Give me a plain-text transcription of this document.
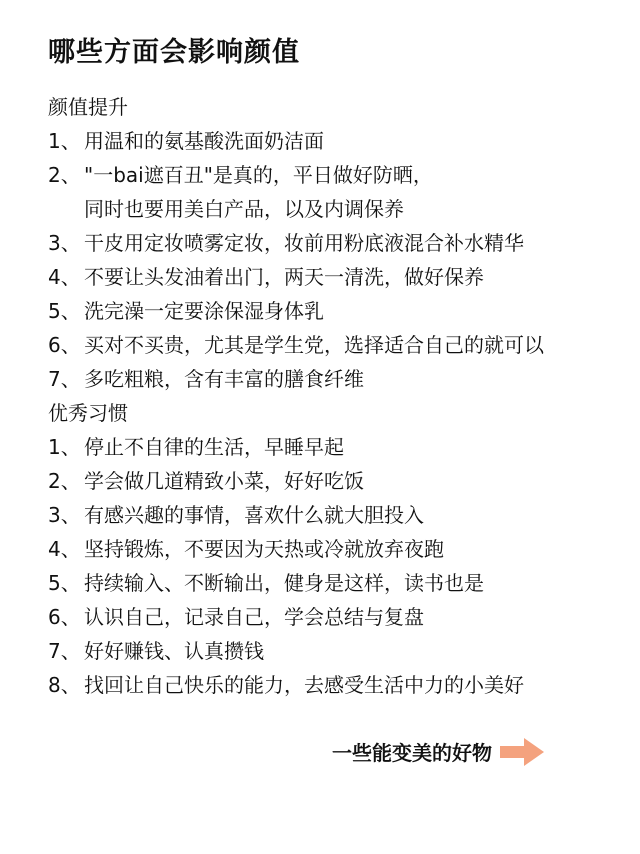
哪些方面会影响颜值
颜值提升
1、 用温和的氨基酸洗面奶洁面
2、 "一bai遮百丑"是真的，平日做好防晒，
同时也要用美白产品，以及内调保养
3、 干皮用定妆喷雾定妆，妆前用粉底液混合补水精华
4、 不要让头发油着出门，两天一清洗，做好保养
5、 洗完澡一定要涂保湿身体乳
6、 买对不买贵，尤其是学生党，选择适合自己的就可以
7、 多吃粗粮，含有丰富的膳食纤维
优秀习惯
1、 停止不自律的生活，早睡早起
2、 学会做几道精致小菜，好好吃饭
3、 有感兴趣的事情，喜欢什么就大胆投入
4、 坚持锻炼，不要因为天热或冷就放弃夜跑
5、 持续输入、不断输出，健身是这样，读书也是
6、 认识自己，记录自己，学会总结与复盘
7、 好好赚钱、认真攒钱
8、 找回让自己快乐的能力，去感受生活中力的小美好
一些能变美的好物
